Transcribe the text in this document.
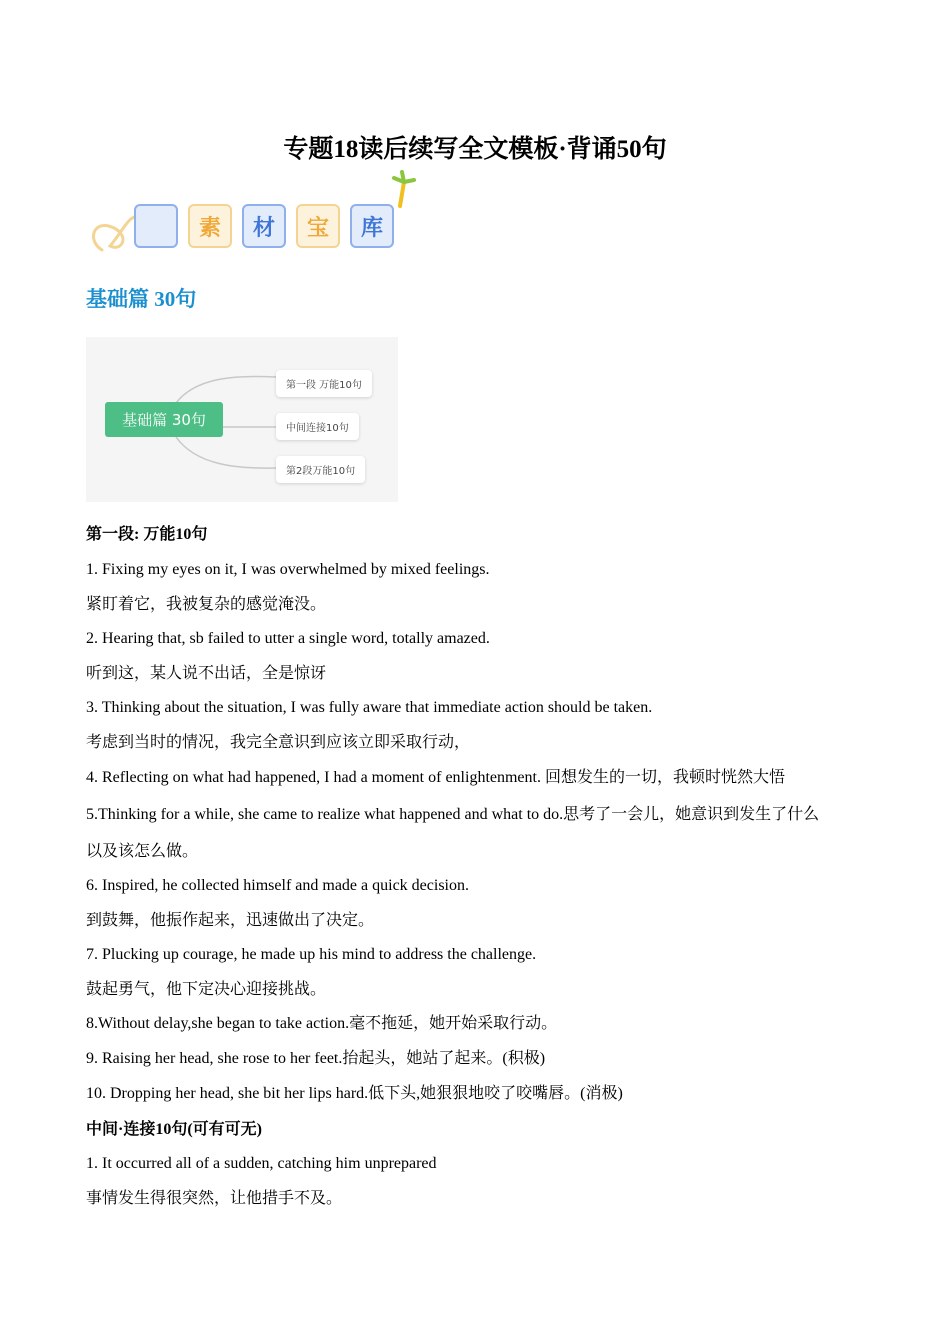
专题18读后续写全文模板·背诵50句
素	材	宝	库
基础篇 30句
基础篇 30句
第一段 万能10句
中间连接10句
第2段万能10句
第一段: 万能10句
1. Fixing my eyes on it, I was overwhelmed by mixed feelings.
紧盯着它，我被复杂的感觉淹没。
2. Hearing that, sb failed to utter a single word, totally amazed.
听到这，某人说不出话，全是惊讶
3. Thinking about the situation, I was fully aware that immediate action should be taken.
考虑到当时的情况，我完全意识到应该立即采取行动，
4. Reflecting on what had happened, I had a moment of enlightenment. 回想发生的一切，我顿时恍然大悟
5.Thinking for a while, she came to realize what happened and what to do.思考了一会儿，她意识到发生了什么
以及该怎么做。
6. Inspired, he collected himself and made a quick decision.
到鼓舞，他振作起来，迅速做出了决定。
7. Plucking up courage, he made up his mind to address the challenge.
鼓起勇气，他下定决心迎接挑战。
8.Without delay,she began to take action.毫不拖延，她开始采取行动。
9. Raising her head, she rose to her feet.抬起头，她站了起来。(积极)
10. Dropping her head, she bit her lips hard.低下头,她狠狠地咬了咬嘴唇。(消极)
中间·连接10句(可有可无)
1. It occurred all of a sudden, catching him unprepared
事情发生得很突然，让他措手不及。
